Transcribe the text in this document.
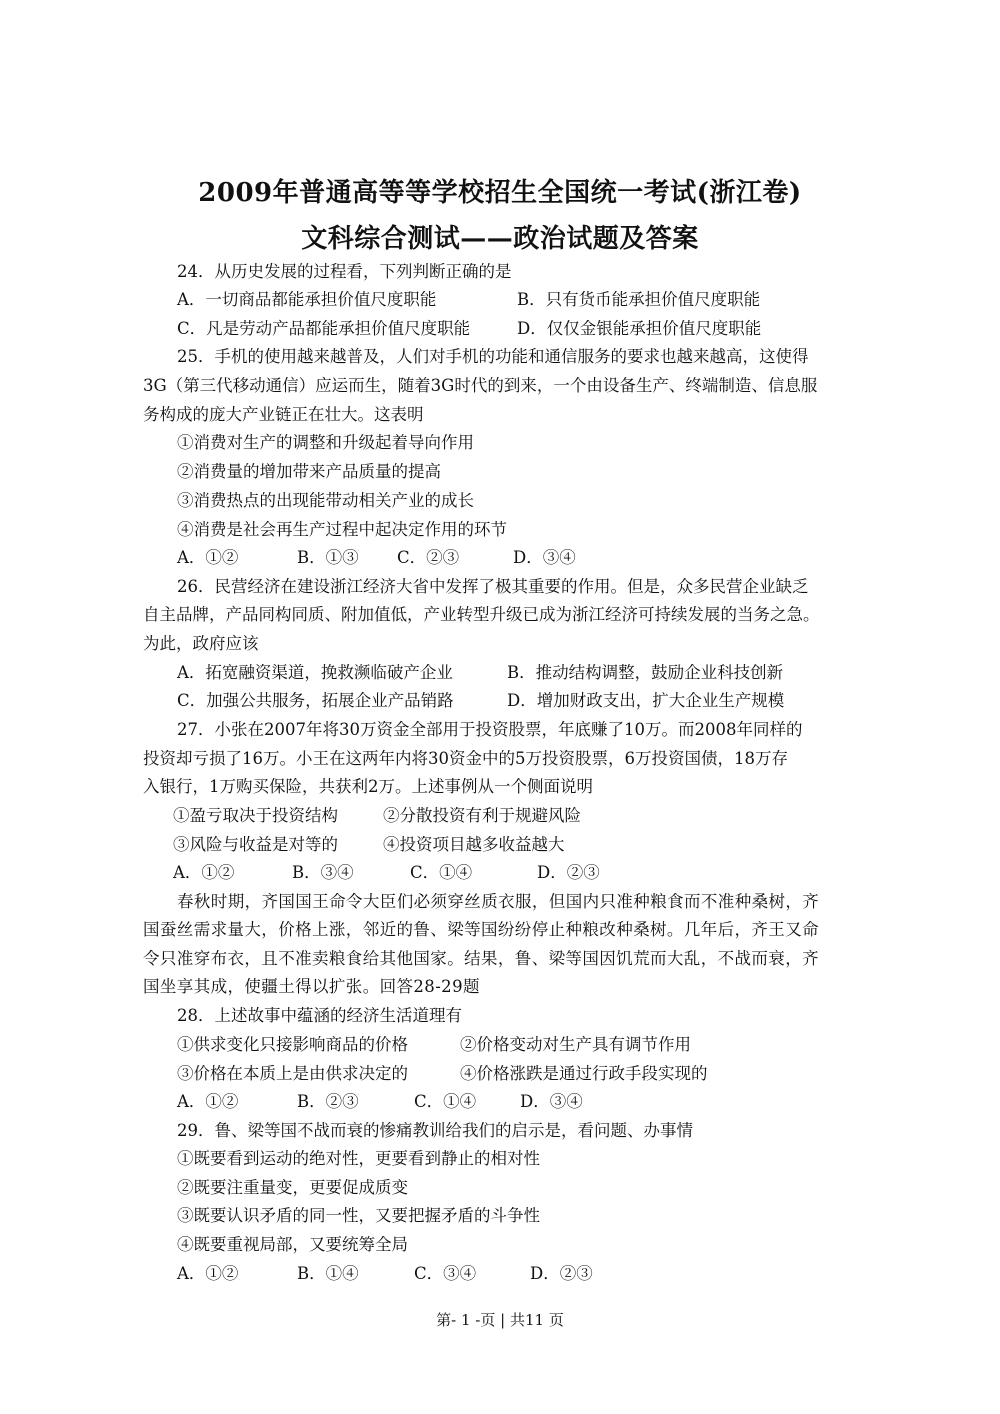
2009年普通高等等学校招生全国统一考试(浙江卷)
文科综合测试——政治试题及答案
24．从历史发展的过程看，下列判断正确的是
A．一切商品都能承担价值尺度职能	B．只有货币能承担价值尺度职能
C．凡是劳动产品都能承担价值尺度职能	D．仅仅金银能承担价值尺度职能
25．手机的使用越来越普及，人们对手机的功能和通信服务的要求也越来越高，这使得
3G（第三代移动通信）应运而生，随着3G时代的到来，一个由设备生产、终端制造、信息服
务构成的庞大产业链正在壮大。这表明
①消费对生产的调整和升级起着导向作用
②消费量的增加带来产品质量的提高
③消费热点的出现能带动相关产业的成长
④消费是社会再生产过程中起决定作用的环节
A．①②	B．①③ C．②③	D．③④
26．民营经济在建设浙江经济大省中发挥了极其重要的作用。但是，众多民营企业缺乏
自主品牌，产品同构同质、附加值低，产业转型升级已成为浙江经济可持续发展的当务之急。
为此，政府应该
A．拓宽融资渠道，挽救濒临破产企业	B．推动结构调整，鼓励企业科技创新
C．加强公共服务，拓展企业产品销路	D．增加财政支出，扩大企业生产规模
27．小张在2007年将30万资金全部用于投资股票，年底赚了10万。而2008年同样的
投资却亏损了16万。小王在这两年内将30资金中的5万投资股票，6万投资国债，18万存
入银行，1万购买保险，共获利2万。上述事例从一个侧面说明
①盈亏取决于投资结构	②分散投资有利于规避风险
③风险与收益是对等的	④投资项目越多收益越大
A．①②	B．③④	C．①④	D．②③
春秋时期，齐国国王命令大臣们必须穿丝质衣服，但国内只准种粮食而不准种桑树，齐
国蚕丝需求量大，价格上涨，邻近的鲁、梁等国纷纷停止种粮改种桑树。几年后，齐王又命
令只准穿布衣，且不准卖粮食给其他国家。结果，鲁、梁等国因饥荒而大乱，不战而衰，齐
国坐享其成，使疆土得以扩张。回答28-29题
28．上述故事中蕴涵的经济生活道理有
①供求变化只接影响商品的价格	②价格变动对生产具有调节作用
③价格在本质上是由供求决定的	④价格涨跌是通过行政手段实现的
A．①②	B．②③	C．①④	D．③④
29．鲁、梁等国不战而衰的惨痛教训给我们的启示是，看问题、办事情
①既要看到运动的绝对性，更要看到静止的相对性
②既要注重量变，更要促成质变
③既要认识矛盾的同一性，又要把握矛盾的斗争性
④既要重视局部，又要统筹全局
A．①②	B．①④	C．③④	D．②③
第- 1 -页 | 共11 页
